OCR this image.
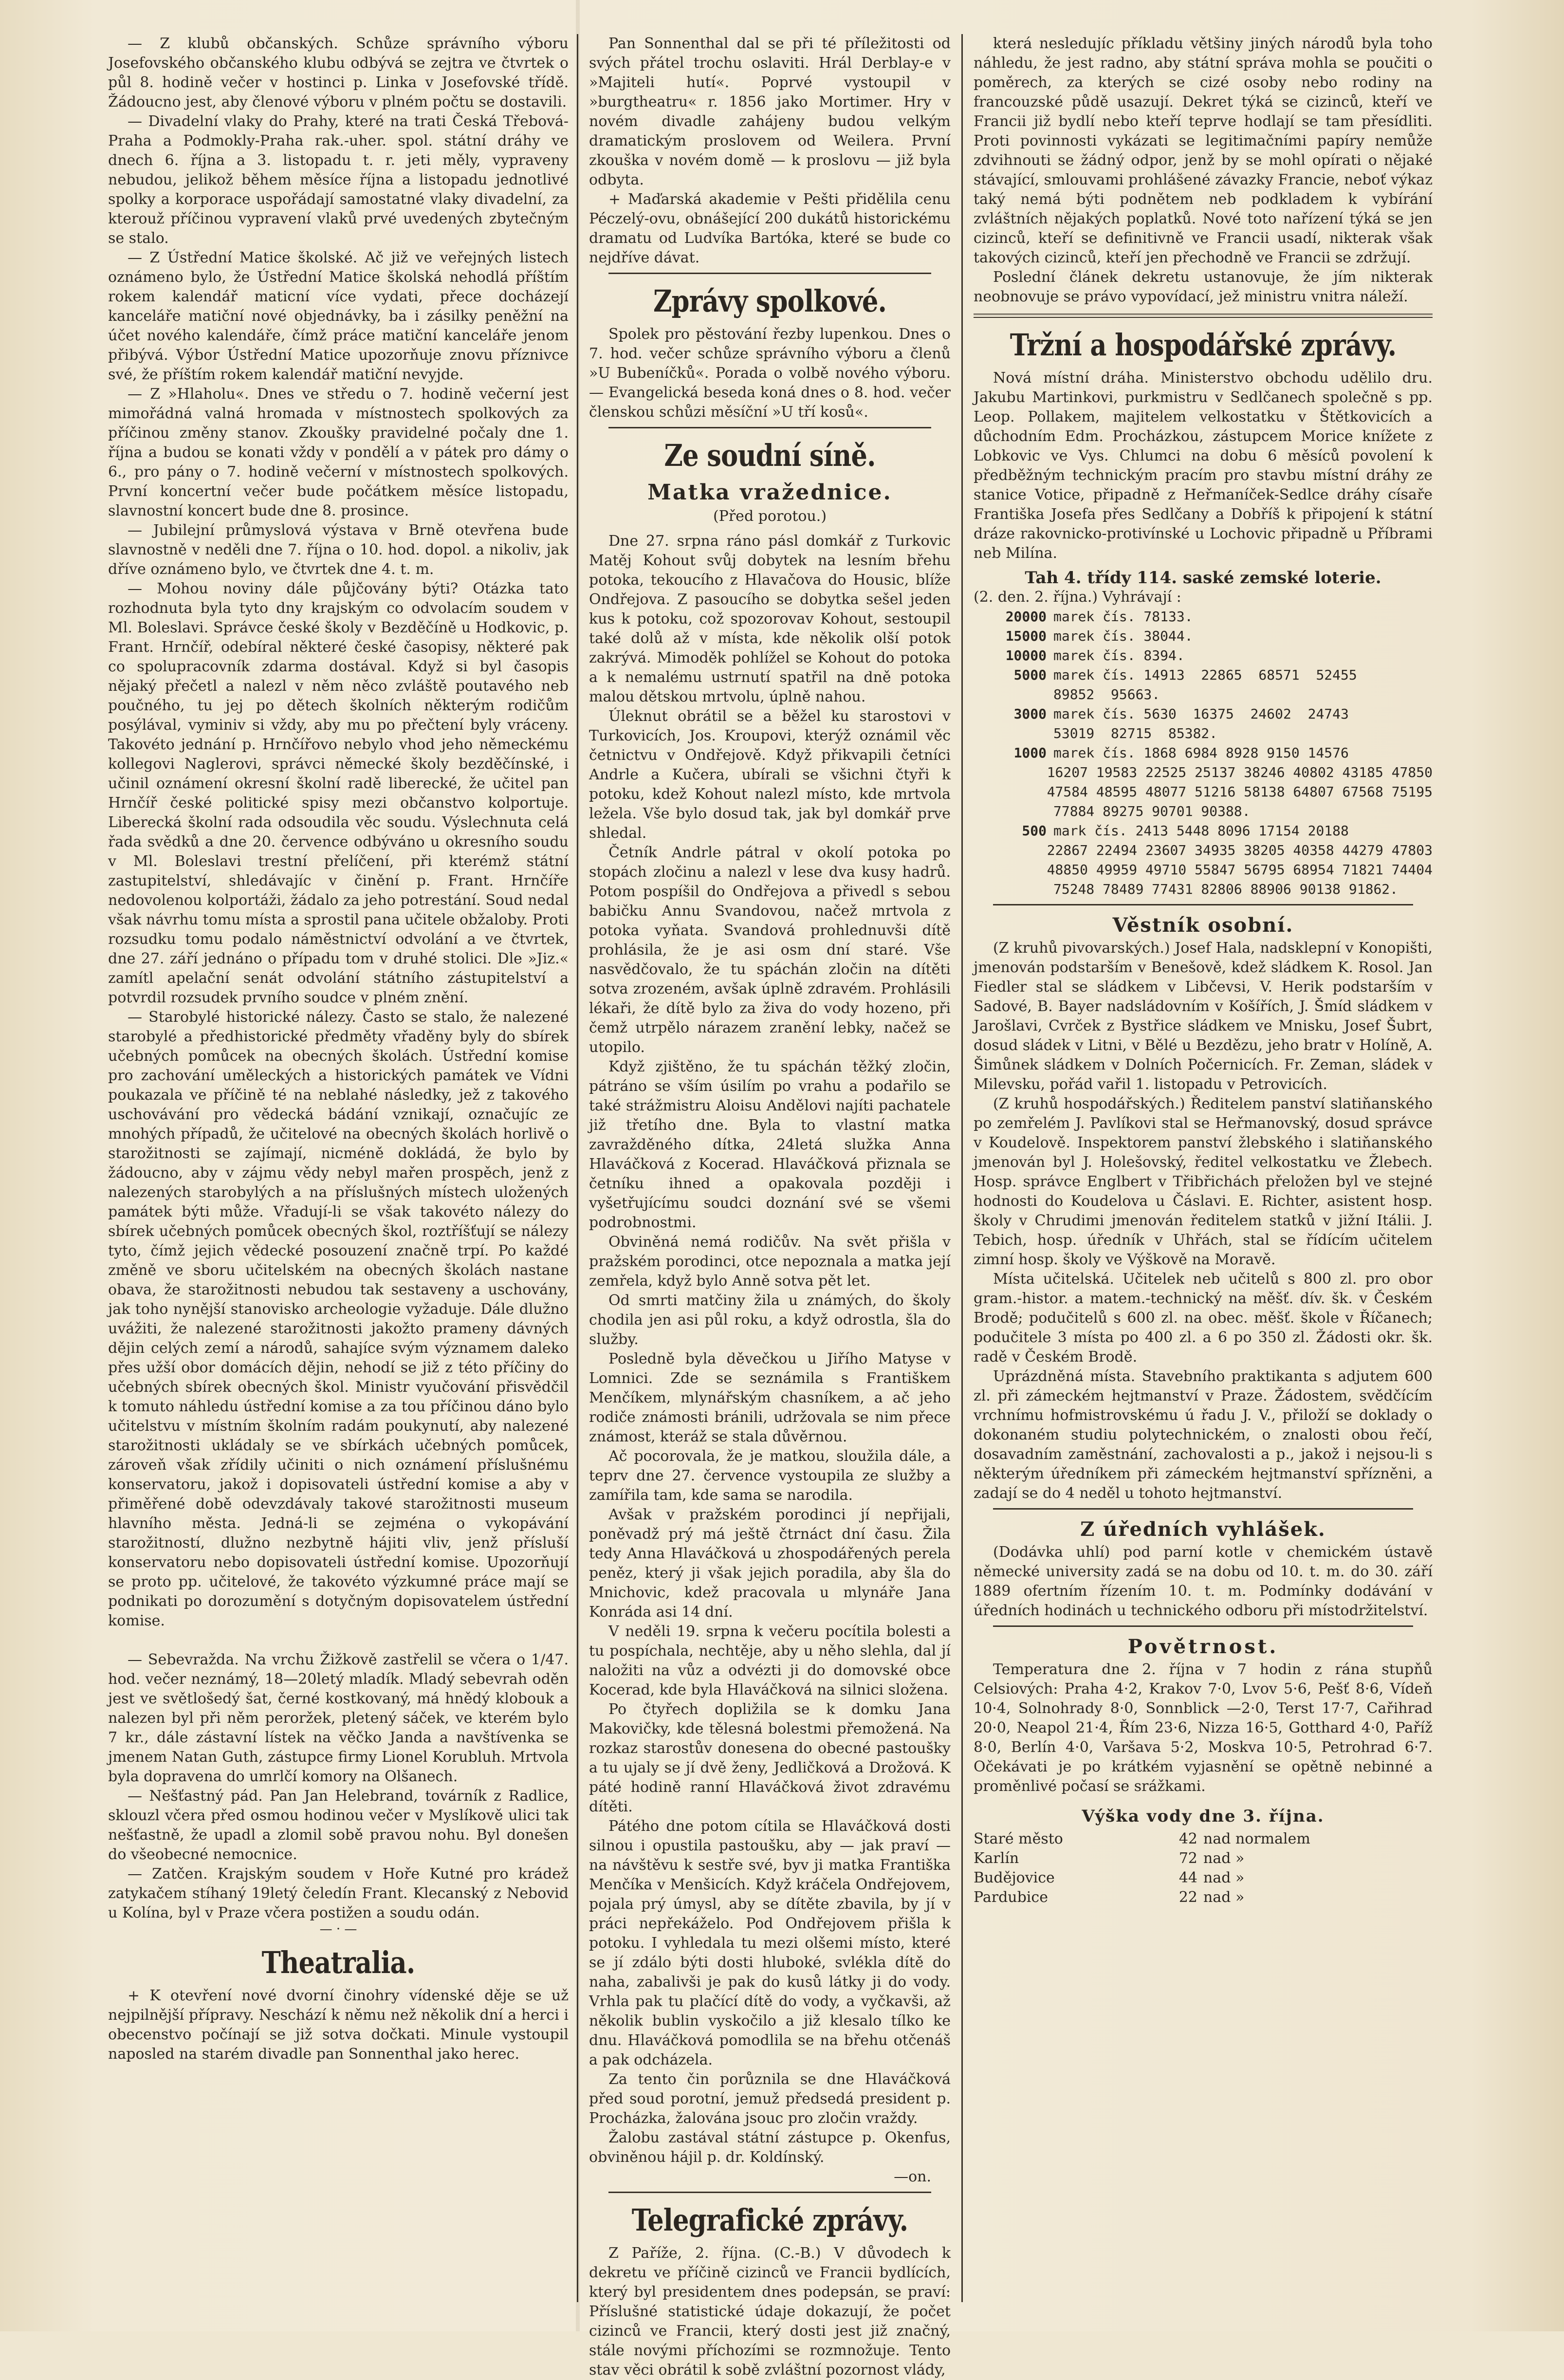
— Z klubů občanských. Schůze správního výboru Josefovského občanského klubu odbývá se zejtra ve čtvrtek o půl 8. hodině večer v hostinci p. Linka v Josefovské třídě. Žádoucno jest, aby členové výboru v plném počtu se dostavili.

— Divadelní vlaky do Prahy, které na trati Česká Třebová-Praha a Podmokly-Praha rak.-uher. spol. státní dráhy ve dnech 6. října a 3. listopadu t. r. jeti měly, vypraveny nebudou, jelikož během měsíce října a listopadu jednotlivé spolky a korporace uspořádají samostatné vlaky divadelní, za kterouž příčinou vypravení vlaků prvé uvedených zbytečným se stalo.

— Z Ústřední Matice školské. Ač již ve veřejných listech oznámeno bylo, že Ústřední Matice školská nehodlá příštím rokem kalendář maticní více vydati, přece docházejí kanceláře matiční nové objednávky, ba i zásilky peněžní na účet nového kalendáře, čímž práce matiční kanceláře jenom přibývá. Výbor Ústřední Matice upozorňuje znovu příznivce své, že příštím rokem kalendář matiční nevyjde.

— Z »Hlaholu«. Dnes ve středu o 7. hodině večerní jest mimořádná valná hromada v místnostech spolkových za příčinou změny stanov. Zkoušky pravidelné počaly dne 1. října a budou se konati vždy v pondělí a v pátek pro dámy o 6., pro pány o 7. hodině večerní v místnostech spolkových. První koncertní večer bude počátkem měsíce listopadu, slavnostní koncert bude dne 8. prosince.

— Jubilejní průmyslová výstava v Brně otevřena bude slavnostně v neděli dne 7. října o 10. hod. dopol. a nikoliv, jak dříve oznámeno bylo, ve čtvrtek dne 4. t. m.

— Mohou noviny dále půjčovány býti? Otázka tato rozhodnuta byla tyto dny krajským co odvolacím soudem v Ml. Boleslavi. Správce české školy v Bezděčíně u Hodkovic, p. Frant. Hrnčíř, odebíral některé české časopisy, některé pak co spolupracovník zdarma dostával. Když si byl časopis nějaký přečetl a nalezl v něm něco zvláště poutavého neb poučného, tu jej po dětech školních některým rodičům posýlával, vyminiv si vždy, aby mu po přečtení byly vráceny. Takovéto jednání p. Hrnčířovo nebylo vhod jeho německému kollegovi Naglerovi, správci německé školy bezděčínské, i učinil oznámení okresní školní radě liberecké, že učitel pan Hrnčíř české politické spisy mezi občanstvo kolportuje. Liberecká školní rada odsoudila věc soudu. Výslechnuta celá řada svědků a dne 20. července odbýváno u okresního soudu v Ml. Boleslavi trestní přelíčení, při kterémž státní zastupitelství, shledávajíc v činění p. Frant. Hrnčíře nedovolenou kolportáži, žádalo za jeho potrestání. Soud nedal však návrhu tomu místa a sprostil pana učitele obžaloby. Proti rozsudku tomu podalo náměstnictví odvolání a ve čtvrtek, dne 27. září jednáno o případu tom v druhé stolici. Dle »Jiz.« zamítl apelační senát odvolání státního zástupitelství a potvrdil rozsudek prvního soudce v plném znění.

— Starobylé historické nálezy. Často se stalo, že nalezené starobylé a předhistorické předměty vřaděny byly do sbírek učebných pomůcek na obecných školách. Ústřední komise pro zachování uměleckých a historických památek ve Vídni poukazala ve příčině té na neblahé následky, jež z takového uschovávání pro vědecká bádání vznikají, označujíc ze mnohých případů, že učitelové na obecných školách horlivě o starožitnosti se zajímají, nicméně dokládá, že bylo by žádoucno, aby v zájmu vědy nebyl mařen prospěch, jenž z nalezených starobylých a na příslušných místech uložených památek býti může. Vřadují-li se však takovéto nálezy do sbírek učebných pomůcek obecných škol, roztříšťují se nálezy tyto, čímž jejich vědecké posouzení značně trpí. Po každé změně ve sboru učitelském na obecných školách nastane obava, že starožitnosti nebudou tak sestaveny a uschovány, jak toho nynější stanovisko archeologie vyžaduje. Dále dlužno uvážiti, že nalezené starožitnosti jakožto prameny dávných dějin celých zemí a národů, sahajíce svým významem daleko přes užší obor domácích dějin, nehodí se již z této příčiny do učebných sbírek obecných škol. Ministr vyučování přisvědčil k tomuto náhledu ústřední komise a za tou příčinou dáno bylo učitelstvu v místním školním radám poukynutí, aby nalezené starožitnosti ukládaly se ve sbírkách učebných pomůcek, zároveň však zřídily učiniti o nich oznámení příslušnému konservatoru, jakož i dopisovateli ústřední komise a aby v přiměřené době odevzdávaly takové starožitnosti museum hlavního města. Jedná-li se zejména o vykopávání starožitností, dlužno nezbytně hájiti vliv, jenž přísluší konservatoru nebo dopisovateli ústřední komise. Upozorňují se proto pp. učitelové, že takovéto výzkumné práce mají se podnikati po dorozumění s dotyčným dopisovatelem ústřední komise.

— Sebevražda. Na vrchu Žižkově zastřelil se včera o 1/47. hod. večer neznámý, 18—20letý mladík. Mladý sebevrah oděn jest ve světlošedý šat, černé kostkovaný, má hnědý klobouk a nalezen byl při něm peroržek, pletený sáček, ve kterém bylo 7 kr., dále zástavní lístek na věčko Janda a navštívenka se jmenem Natan Guth, zástupce firmy Lionel Korubluh. Mrtvola byla dopravena do umrlčí komory na Olšanech.

— Nešťastný pád. Pan Jan Helebrand, továrník z Radlice, sklouzl včera před osmou hodinou večer v Myslíkově ulici tak nešťastně, že upadl a zlomil sobě pravou nohu. Byl donešen do všeobecné nemocnice.

— Zatčen. Krajským soudem v Hoře Kutné pro krádež zatykačem stíhaný 19letý čeledín Frant. Klecanský z Nebovid u Kolína, byl v Praze včera postižen a soudu odán.

— · —
Theatralia.

+ K otevření nové dvorní činohry vídenské děje se už nejpilnější přípravy. Neschází k němu než několik dní a herci i obecenstvo počínají se již sotva dočkati. Minule vystoupil naposled na starém divadle pan Sonnenthal jako herec.

Pan Sonnenthal dal se při té příležitosti od svých přátel trochu oslaviti. Hrál Derblay-e v »Majiteli hutí«. Poprvé vystoupil v »burgtheatru« r. 1856 jako Mortimer. Hry v novém divadle zahájeny budou velkým dramatickým proslovem od Weilera. První zkouška v novém domě — k proslovu — již byla odbyta.

+ Maďarská akademie v Pešti přidělila cenu Péczelý-ovu, obnášející 200 dukátů historickému dramatu od Ludvíka Bartóka, které se bude co nejdříve dávat.

Zprávy spolkové.

Spolek pro pěstování řezby lupenkou. Dnes o 7. hod. večer schůze správního výboru a členů »U Bubeníčků«. Porada o volbě nového výboru. — Evangelická beseda koná dnes o 8. hod. večer členskou schůzi měsíční »U tří kosů«.

Ze soudní síně.
Matka vražednice.
(Před porotou.)

Dne 27. srpna ráno pásl domkář z Turkovic Matěj Kohout svůj dobytek na lesním břehu potoka, tekoucího z Hlavačova do Housic, blíže Ondřejova. Z pasoucího se dobytka sešel jeden kus k potoku, což spozorovav Kohout, sestoupil také dolů až v místa, kde několik olší potok zakrývá. Mimoděk pohlížel se Kohout do potoka a k nemalému ustrnutí spatřil na dně potoka malou dětskou mrtvolu, úplně nahou.

Úleknut obrátil se a běžel ku starostovi v Turkovicích, Jos. Kroupovi, kterýž oznámil věc četnictvu v Ondřejově. Když přikvapili četníci Andrle a Kučera, ubírali se všichni čtyři k potoku, kdež Kohout nalezl místo, kde mrtvola ležela. Vše bylo dosud tak, jak byl domkář prve shledal.

Četník Andrle pátral v okolí potoka po stopách zločinu a nalezl v lese dva kusy hadrů. Potom pospíšil do Ondřejova a přivedl s sebou babičku Annu Svandovou, načež mrtvola z potoka vyňata. Svandová prohlednuvši dítě prohlásila, že je asi osm dní staré. Vše nasvědčovalo, že tu spáchán zločin na dítěti sotva zrozeném, avšak úplně zdravém. Prohlásili lékaři, že dítě bylo za živa do vody hozeno, při čemž utrpělo nárazem zranění lebky, načež se utopilo.

Když zjištěno, že tu spáchán těžký zločin, pátráno se vším úsilím po vrahu a podařilo se také strážmistru Aloisu Andělovi najíti pachatele již třetího dne. Byla to vlastní matka zavražděného dítka, 24letá služka Anna Hlaváčková z Kocerad. Hlaváčková přiznala se četníku ihned a opakovala později i vyšetřujícímu soudci doznání své se všemi podrobnostmi.

Obviněná nemá rodičův. Na svět přišla v pražském porodinci, otce nepoznala a matka její zemřela, když bylo Anně sotva pět let.

Od smrti matčiny žila u známých, do školy chodila jen asi půl roku, a když odrostla, šla do služby.

Posledně byla děvečkou u Jiřího Matyse v Lomnici. Zde se seznámila s Františkem Menčíkem, mlynářským chasníkem, a ač jeho rodiče známosti bránili, udržovala se nim přece známost, kteráž se stala důvěrnou.

Ač pocorovala, že je matkou, sloužila dále, a teprv dne 27. července vystoupila ze služby a zamířila tam, kde sama se narodila.

Avšak v pražském porodinci jí nepřijali, poněvadž prý má ještě čtrnáct dní času. Žila tedy Anna Hlaváčková u zhospodářených perela peněz, který ji však jejich poradila, aby šla do Mnichovic, kdež pracovala u mlynáře Jana Konráda asi 14 dní.

V neděli 19. srpna k večeru pocítila bolesti a tu pospíchala, nechtěje, aby u něho slehla, dal jí naložiti na vůz a odvézti ji do domovské obce Kocerad, kde byla Hlaváčková na silnici složena.

Po čtyřech dopližila se k domku Jana Makovičky, kde tělesná bolestmi přemožená. Na rozkaz starostův donesena do obecné pastoušky a tu ujaly se jí dvě ženy, Jedličková a Drožová. K páté hodině ranní Hlaváčková život zdravému dítěti.

Pátého dne potom cítila se Hlaváčková dosti silnou i opustila pastoušku, aby — jak praví — na návštěvu k sestře své, byv ji matka Františka Menčíka v Menšicích. Když kráčela Ondřejovem, pojala prý úmysl, aby se dítěte zbavila, by jí v práci nepřekáželo. Pod Ondřejovem přišla k potoku. I vyhledala tu mezi olšemi místo, které se jí zdálo býti dosti hluboké, svlékla dítě do naha, zabalivši je pak do kusů látky ji do vody. Vrhla pak tu plačící dítě do vody, a vyčkavši, až několik bublin vyskočilo a již klesalo tílko ke dnu. Hlaváčková pomodlila se na břehu otčenáš a pak odcházela.

Za tento čin porůznila se dne Hlaváčková před soud porotní, jemuž předsedá president p. Procházka, žalována jsouc pro zločin vraždy.

Žalobu zastával státní zástupce p. Okenfus, obviněnou hájil p. dr. Koldínský.

—on.
Telegrafické zprávy.

Z Paříže, 2. října. (C.-B.) V důvodech k dekretu ve příčině cizinců ve Francii bydlících, který byl presidentem dnes podepsán, se praví: Příslušné statistické údaje dokazují, že počet cizinců ve Francii, který dosti jest již značný, stále novými příchozími se rozmnožuje. Tento stav věci obrátil k sobě zvláštní pozornost vlády,

která nesledujíc příkladu většiny jiných národů byla toho náhledu, že jest radno, aby státní správa mohla se poučiti o poměrech, za kterých se cizé osoby nebo rodiny na francouzské půdě usazují. Dekret týká se cizinců, kteří ve Francii již bydlí nebo kteří teprve hodlají se tam přesídliti. Proti povinnosti vykázati se legitimačními papíry nemůže zdvihnouti se žádný odpor, jenž by se mohl opírati o nějaké stávající, smlouvami prohlášené závazky Francie, neboť výkaz taký nemá býti podnětem neb podkladem k vybírání zvláštních nějakých poplatků. Nové toto nařízení týká se jen cizinců, kteří se definitivně ve Francii usadí, nikterak však takových cizinců, kteří jen přechodně ve Francii se zdržují.

Poslední článek dekretu ustanovuje, že jím nikterak neobnovuje se právo vypovídací, jež ministru vnitra náleží.

Tržní a hospodářské zprávy.

Nová místní dráha. Ministerstvo obchodu udělilo dru. Jakubu Martinkovi, purkmistru v Sedlčanech společně s pp. Leop. Pollakem, majitelem velkostatku v Štětkovicích a důchodním Edm. Procházkou, zástupcem Morice knížete z Lobkovic ve Vys. Chlumci na dobu 6 měsíců povolení k předběžným technickým pracím pro stavbu místní dráhy ze stanice Votice, připadně z Heřmaníček-Sedlce dráhy císaře Františka Josefa přes Sedlčany a Dobříš k připojení k státní dráze rakovnicko-protivínské u Lochovic připadně u Příbrami neb Milína.

Tah 4. třídy 114. saské zemské loterie.
(2. den. 2. října.) Vyhrávají :
20000 marek čís. 78133.
15000 marek čís. 38044.
10000 marek čís. 8394.
5000 marek čís. 14913  22865  68571  52455
89852  95663.
3000 marek čís. 5630  16375  24602  24743
53019  82715  85382.
1000 marek čís. 1868 6984 8928 9150 14576
16207 19583 22525 25137 38246 40802 43185 47850
47584 48595 48077 51216 58138 64807 67568 75195
77884 89275 90701 90388.
500 mark čís. 2413 5448 8096 17154 20188
22867 22494 23607 34935 38205 40358 44279 47803
48850 49959 49710 55847 56795 68954 71821 74404
75248 78489 77431 82806 88906 90138 91862.
Věstník osobní.

(Z kruhů pivovarských.) Josef Hala, nadsklepní v Konopišti, jmenován podstarším v Benešově, kdež sládkem K. Rosol. Jan Fiedler stal se sládkem v Libčevsi, V. Herik podstarším v Sadové, B. Bayer nadsládovním v Košířích, J. Šmíd sládkem v Jarošlavi, Cvrček z Bystřice sládkem ve Mnisku, Josef Šubrt, dosud sládek v Litni, v Bělé u Bezdězu, jeho bratr v Holíně, A. Šimůnek sládkem v Dolních Počernicích. Fr. Zeman, sládek v Milevsku, pořád vařil 1. listopadu v Petrovicích.

(Z kruhů hospodářských.) Ředitelem panství slatiňanského po zemřelém J. Pavlíkovi stal se Heřmanovský, dosud správce v Koudelově. Inspektorem panství žlebského i slatiňanského jmenován byl J. Holešovský, ředitel velkostatku ve Žlebech. Hosp. správce Englbert v Třibřichách přeložen byl ve stejné hodnosti do Koudelova u Čáslavi. E. Richter, asistent hosp. školy v Chrudimi jmenován ředitelem statků v jižní Itálii. J. Tebich, hosp. úředník v Uhřách, stal se řídícím učitelem zimní hosp. školy ve Výškově na Moravě.

Místa učitelská. Učitelek neb učitelů s 800 zl. pro obor gram.-histor. a matem.-technický na měšť. dív. šk. v Českém Brodě; podučitelů s 600 zl. na obec. měšť. škole v Říčanech; podučitele 3 místa po 400 zl. a 6 po 350 zl. Žádosti okr. šk. radě v Českém Brodě.

Uprázdněná místa. Stavebního praktikanta s adjutem 600 zl. při zámeckém hejtmanství v Praze. Žádostem, svědčícím vrchnímu hofmistrovskému ú řadu J. V., přiloží se doklady o dokonaném studiu polytechnickém, o znalosti obou řečí, dosavadním zaměstnání, zachovalosti a p., jakož i nejsou-li s některým úředníkem při zámeckém hejtmanství spřízněni, a zadají se do 4 neděl u tohoto hejtmanství.

Z úředních vyhlášek.

(Dodávka uhlí) pod parní kotle v chemickém ústavě německé university zadá se na dobu od 10. t. m. do 30. září 1889 ofertním řízením 10. t. m. Podmínky dodávání v úředních hodinách u technického odboru při místodržitelství.

Povětrnost.

Temperatura dne 2. října v 7 hodin z rána stupňů Celsiových: Praha 4·2, Krakov 7·0, Lvov 5·6, Pešť 8·6, Vídeň 10·4, Solnohrady 8·0, Sonnblick —2·0, Terst 17·7, Cařihrad 20·0, Neapol 21·4, Řím 23·6, Nizza 16·5, Gotthard 4·0, Paříž 8·0, Berlín 4·0, Varšava 5·2, Moskva 10·5, Petrohrad 6·7. Očekávati je po krátkém vyjasnění se opětně nebinné a proměnlivé počasí se srážkami.

Výška vody dne 3. října.
Staré město	42 nad normalem
Karlín	72 nad »
Budějovice	44 nad »
Pardubice	22 nad »
